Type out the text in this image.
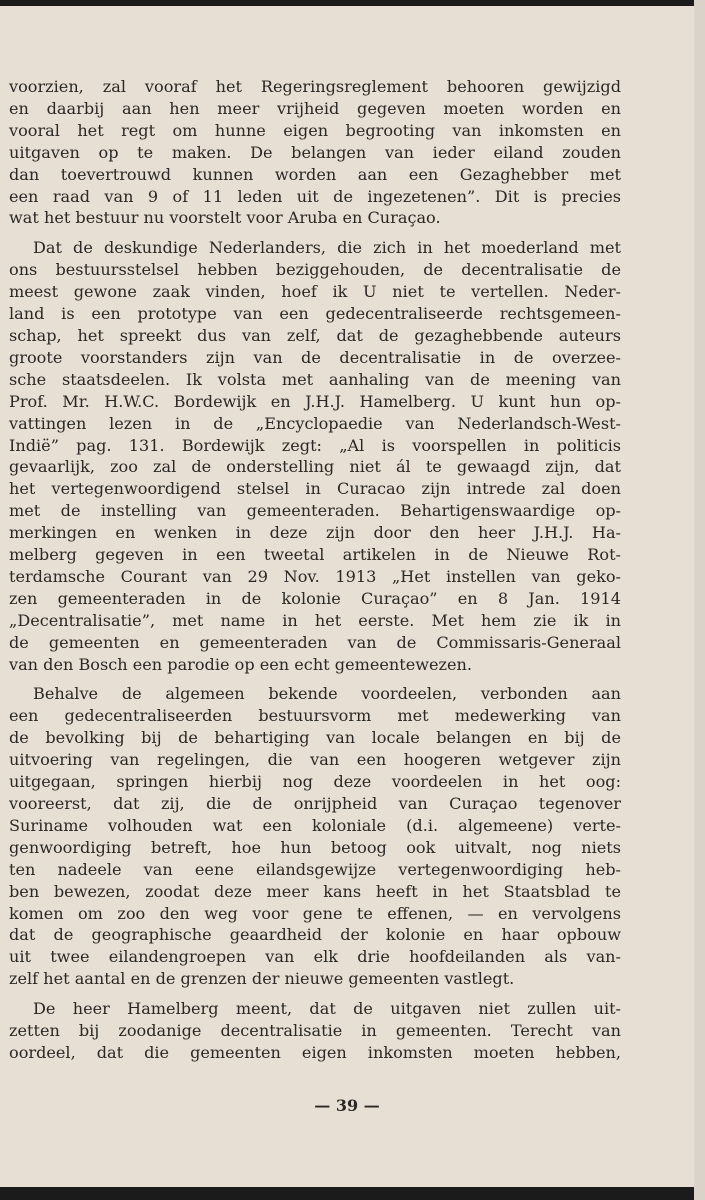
voorzien, zal vooraf het Regeringsreglement behooren gewijzigd
en daarbij aan hen meer vrijheid gegeven moeten worden en
vooral het regt om hunne eigen begrooting van inkomsten en
uitgaven op te maken. De belangen van ieder eiland zouden
dan toevertrouwd kunnen worden aan een Gezaghebber met
een raad van 9 of 11 leden uit de ingezetenen”. Dit is precies
wat het bestuur nu voorstelt voor Aruba en Curaçao.
Dat de deskundige Nederlanders, die zich in het moederland met
ons bestuursstelsel hebben beziggehouden, de decentralisatie de
meest gewone zaak vinden, hoef ik U niet te vertellen. Neder-
land is een prototype van een gedecentraliseerde rechtsgemeen-
schap, het spreekt dus van zelf, dat de gezaghebbende auteurs
groote voorstanders zijn van de decentralisatie in de overzee-
sche staatsdeelen. Ik volsta met aanhaling van de meening van
Prof. Mr. H.W.C. Bordewijk en J.H.J. Hamelberg. U kunt hun op-
vattingen lezen in de „Encyclopaedie van Nederlandsch-West-
Indië” pag. 131. Bordewijk zegt: „Al is voorspellen in politicis
gevaarlijk, zoo zal de onderstelling niet ál te gewaagd zijn, dat
het vertegenwoordigend stelsel in Curacao zijn intrede zal doen
met de instelling van gemeenteraden. Behartigenswaardige op-
merkingen en wenken in deze zijn door den heer J.H.J. Ha-
melberg gegeven in een tweetal artikelen in de Nieuwe Rot-
terdamsche Courant van 29 Nov. 1913 „Het instellen van geko-
zen gemeenteraden in de kolonie Curaçao” en 8 Jan. 1914
„Decentralisatie”, met name in het eerste. Met hem zie ik in
de gemeenten en gemeenteraden van de Commissaris-Generaal
van den Bosch een parodie op een echt gemeentewezen.
Behalve de algemeen bekende voordeelen, verbonden aan
een gedecentraliseerden bestuursvorm met medewerking van
de bevolking bij de behartiging van locale belangen en bij de
uitvoering van regelingen, die van een hoogeren wetgever zijn
uitgegaan, springen hierbij nog deze voordeelen in het oog:
vooreerst, dat zij, die de onrijpheid van Curaçao tegenover
Suriname volhouden wat een koloniale (d.i. algemeene) verte-
genwoordiging betreft, hoe hun betoog ook uitvalt, nog niets
ten nadeele van eene eilandsgewijze vertegenwoordiging heb-
ben bewezen, zoodat deze meer kans heeft in het Staatsblad te
komen om zoo den weg voor gene te effenen, — en vervolgens
dat de geographische geaardheid der kolonie en haar opbouw
uit twee eilandengroepen van elk drie hoofdeilanden als van-
zelf het aantal en de grenzen der nieuwe gemeenten vastlegt.
De heer Hamelberg meent, dat de uitgaven niet zullen uit-
zetten bij zoodanige decentralisatie in gemeenten. Terecht van
oordeel, dat die gemeenten eigen inkomsten moeten hebben,
— 39 —
